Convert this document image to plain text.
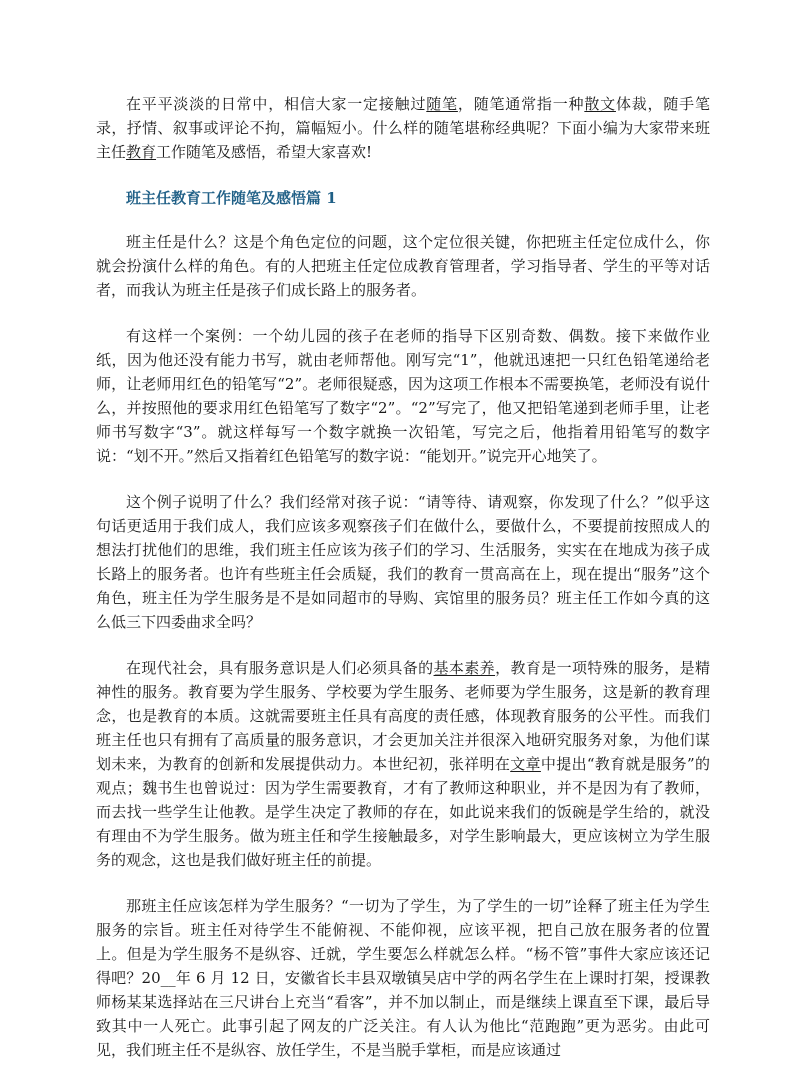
在平平淡淡的日常中，相信大家一定接触过随笔，随笔通常指一种散文体裁，随手笔录，抒情、叙事或评论不拘，篇幅短小。什么样的随笔堪称经典呢？下面小编为大家带来班主任教育工作随笔及感悟，希望大家喜欢!

班主任教育工作随笔及感悟篇 1

班主任是什么？这是个角色定位的问题，这个定位很关键，你把班主任定位成什么，你就会扮演什么样的角色。有的人把班主任定位成教育管理者，学习指导者、学生的平等对话者，而我认为班主任是孩子们成长路上的服务者。

有这样一个案例：一个幼儿园的孩子在老师的指导下区别奇数、偶数。接下来做作业纸，因为他还没有能力书写，就由老师帮他。刚写完“1”，他就迅速把一只红色铅笔递给老师，让老师用红色的铅笔写“2”。老师很疑惑，因为这项工作根本不需要换笔，老师没有说什么，并按照他的要求用红色铅笔写了数字“2”。“2”写完了，他又把铅笔递到老师手里，让老师书写数字“3”。就这样每写一个数字就换一次铅笔，写完之后，他指着用铅笔写的数字说：“划不开。”然后又指着红色铅笔写的数字说：“能划开。”说完开心地笑了。

这个例子说明了什么？我们经常对孩子说：“请等待、请观察，你发现了什么？”似乎这句话更适用于我们成人，我们应该多观察孩子们在做什么，要做什么，不要提前按照成人的想法打扰他们的思维，我们班主任应该为孩子们的学习、生活服务，实实在在地成为孩子成长路上的服务者。也许有些班主任会质疑，我们的教育一贯高高在上，现在提出“服务”这个角色，班主任为学生服务是不是如同超市的导购、宾馆里的服务员？班主任工作如今真的这么低三下四委曲求全吗？

在现代社会，具有服务意识是人们必须具备的基本素养，教育是一项特殊的服务，是精神性的服务。教育要为学生服务、学校要为学生服务、老师要为学生服务，这是新的教育理念，也是教育的本质。这就需要班主任具有高度的责任感，体现教育服务的公平性。而我们班主任也只有拥有了高质量的服务意识，才会更加关注并很深入地研究服务对象，为他们谋划未来，为教育的创新和发展提供动力。本世纪初，张祥明在文章中提出“教育就是服务”的观点；魏书生也曾说过：因为学生需要教育，才有了教师这种职业，并不是因为有了教师，而去找一些学生让他教。是学生决定了教师的存在，如此说来我们的饭碗是学生给的，就没有理由不为学生服务。做为班主任和学生接触最多，对学生影响最大，更应该树立为学生服务的观念，这也是我们做好班主任的前提。

那班主任应该怎样为学生服务？“一切为了学生，为了学生的一切”诠释了班主任为学生服务的宗旨。班主任对待学生不能俯视、不能仰视，应该平视，把自己放在服务者的位置上。但是为学生服务不是纵容、迁就，学生要怎么样就怎么样。“杨不管”事件大家应该还记得吧？20__年 6 月 12 日，安徽省长丰县双墩镇吴店中学的两名学生在上课时打架，授课教师杨某某选择站在三尺讲台上充当“看客”，并不加以制止，而是继续上课直至下课，最后导致其中一人死亡。此事引起了网友的广泛关注。有人认为他比“范跑跑”更为恶劣。由此可见，我们班主任不是纵容、放任学生，不是当脱手掌柜，而是应该通过
